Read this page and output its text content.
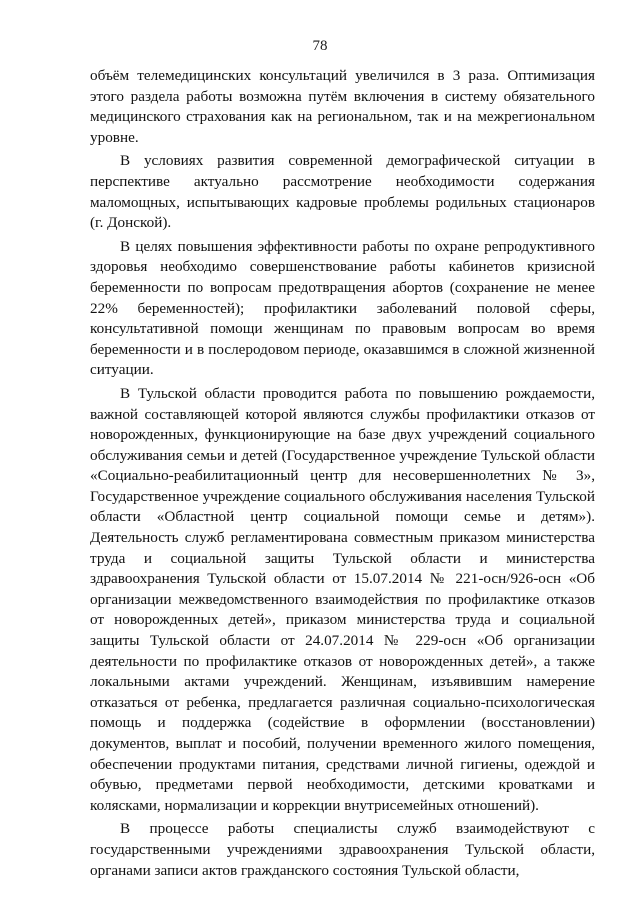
78

объём телемедицинских консультаций увеличился в 3 раза. Оптимизация этого раздела работы возможна путём включения в систему обязательного медицинского страхования как на региональном, так и на межрегиональном уровне.

В условиях развития современной демографической ситуации в перспективе актуально рассмотрение необходимости содержания маломощных, испытывающих кадровые проблемы родильных стационаров (г. Донской).

В целях повышения эффективности работы по охране репродуктивного здоровья необходимо совершенствование работы кабинетов кризисной беременности по вопросам предотвращения абортов (сохранение не менее 22% беременностей); профилактики заболеваний половой сферы, консультативной помощи женщинам по правовым вопросам во время беременности и в послеродовом периоде, оказавшимся в сложной жизненной ситуации.

В Тульской области проводится работа по повышению рождаемости, важной составляющей которой являются службы профилактики отказов от новорожденных, функционирующие на базе двух учреждений социального обслуживания семьи и детей (Государственное учреждение Тульской области «Социально-реабилитационный центр для несовершеннолетних № 3», Государственное учреждение социального обслуживания населения Тульской области «Областной центр социальной помощи семье и детям»). Деятельность служб регламентирована совместным приказом министерства труда и социальной защиты Тульской области и министерства здравоохранения Тульской области от 15.07.2014 № 221-осн/926-осн «Об организации межведомственного взаимодействия по профилактике отказов от новорожденных детей», приказом министерства труда и социальной защиты Тульской области от 24.07.2014 № 229-осн «Об организации деятельности по профилактике отказов от новорожденных детей», а также локальными актами учреждений. Женщинам, изъявившим намерение отказаться от ребенка, предлагается различная социально-психологическая помощь и поддержка (содействие в оформлении (восстановлении) документов, выплат и пособий, получении временного жилого помещения, обеспечении продуктами питания, средствами личной гигиены, одеждой и обувью, предметами первой необходимости, детскими кроватками и колясками, нормализации и коррекции внутрисемейных отношений).

В процессе работы специалисты служб взаимодействуют с государственными учреждениями здравоохранения Тульской области, органами записи актов гражданского состояния Тульской области,
